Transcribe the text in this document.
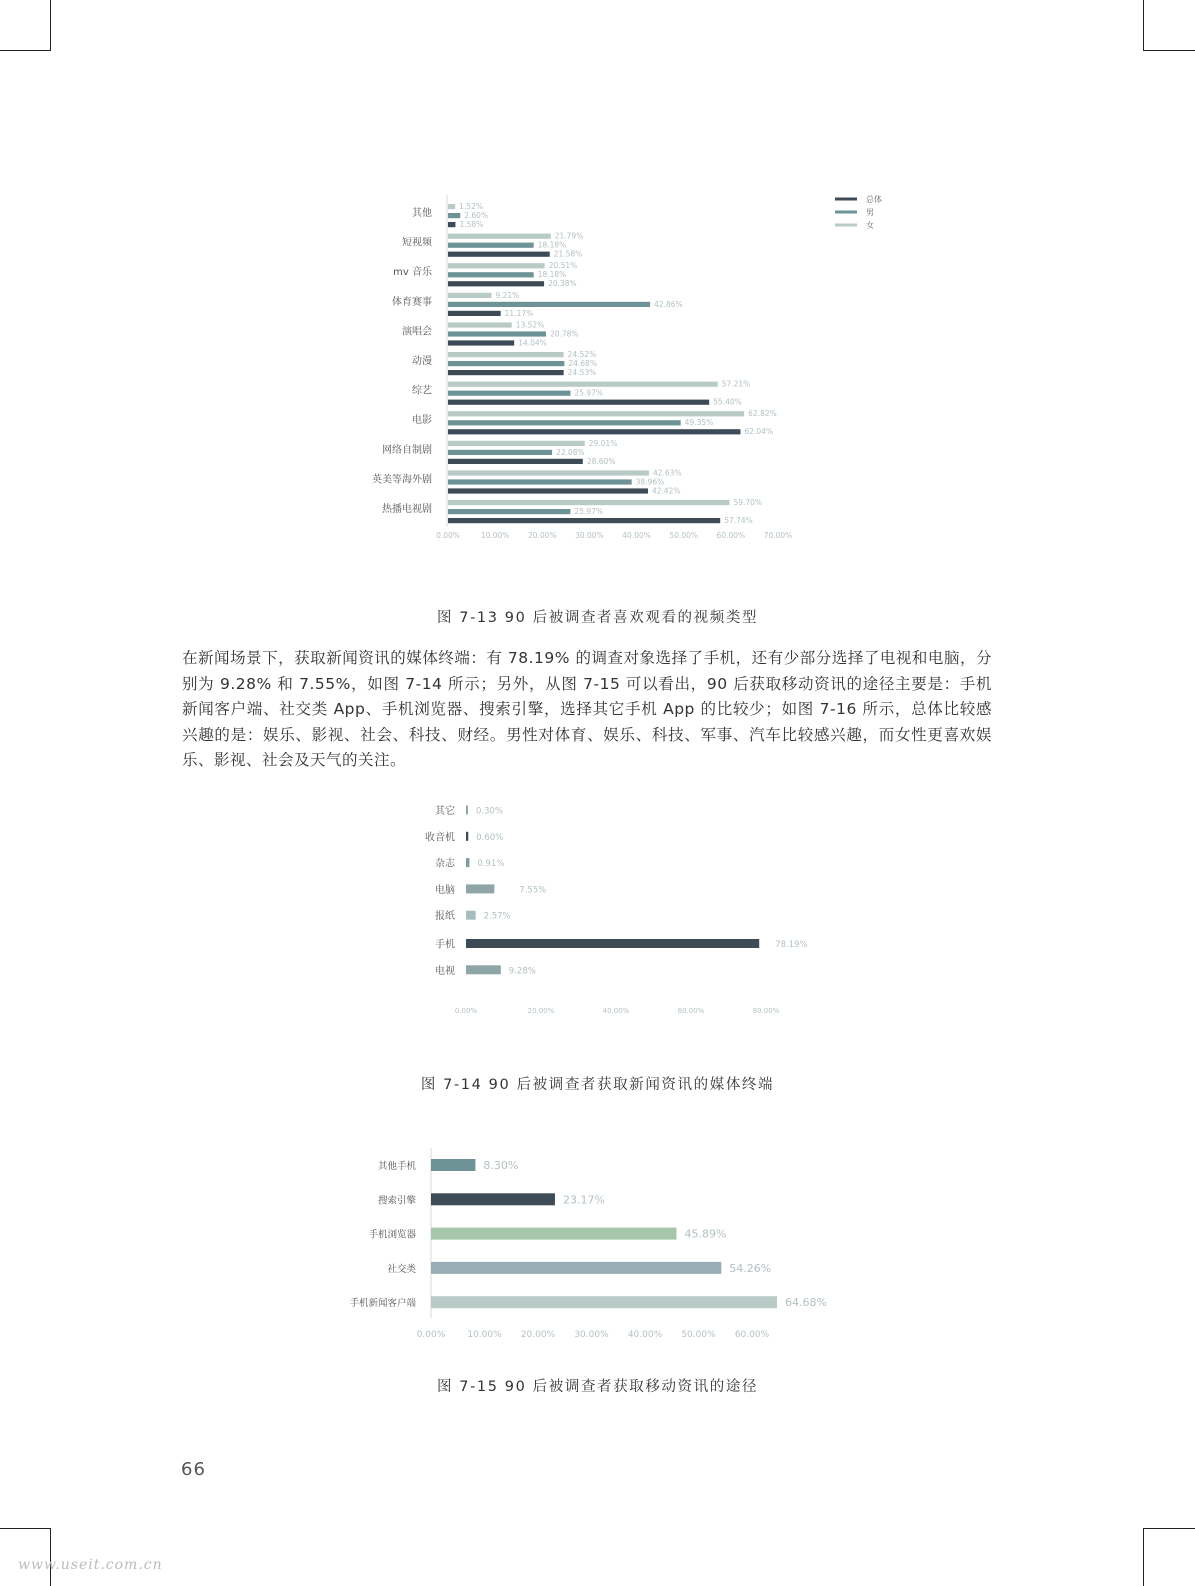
其他
1.52%
2.60%
1.58%
短视频
21.79%
18.18%
21.58%
mv 音乐
20.51%
18.18%
20.38%
体育赛事
9.21%
42.86%
11.17%
演唱会
13.52%
20.78%
14.04%
动漫
24.52%
24.68%
24.53%
综艺
57.21%
25.97%
55.40%
电影
62.82%
49.35%
62.04%
网络自制剧
29.01%
22.08%
28.60%
英美等海外剧
42.63%
38.96%
42.42%
热播电视剧
59.70%
25.97%
57.74%
0.00%	10.00% 20.00% 30.00% 40.00% 50.00% 60.00% 70.00%
总体
男
女
图 7-13 90 后被调查者喜欢观看的视频类型

在新闻场景下，获取新闻资讯的媒体终端：有 78.19% 的调查对象选择了手机，还有少部分选择了电视和电脑，分别为 9.28% 和 7.55%，如图 7-14 所示；另外，从图 7-15 可以看出，90 后获取移动资讯的途径主要是：手机新闻客户端、社交类 App、手机浏览器、搜索引擎，选择其它手机 App 的比较少；如图 7-16 所示，总体比较感兴趣的是：娱乐、影视、社会、科技、财经。男性对体育、娱乐、科技、军事、汽车比较感兴趣，而女性更喜欢娱乐、影视、社会及天气的关注。

其它 0.30%
收音机	0.60%
杂志	0.91%
电脑	7.55%
报纸	2.57%
手机	78.19%
电视	9.28%
0.00%	20.00%	40.00%	60.00%	80.00%
图 7-14 90 后被调查者获取新闻资讯的媒体终端
其他手机	8.30%
搜索引擎	23.17%
手机浏览器	45.89%
社交类	54.26%
手机新闻客户端	64.68%
0.00% 10.00% 20.00% 30.00% 40.00% 50.00% 60.00%
图 7-15 90 后被调查者获取移动资讯的途径
66
www.useit.com.cn
